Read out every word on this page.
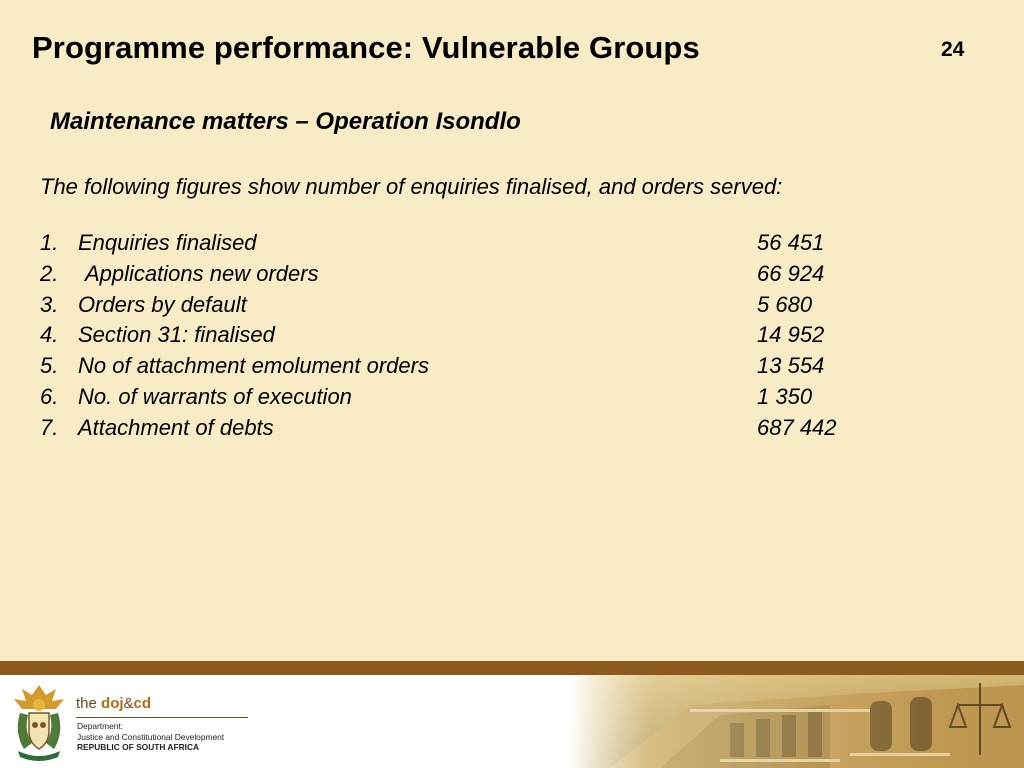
Programme performance: Vulnerable Groups	24
Maintenance matters – Operation Isondlo
The following figures show number of enquiries finalised, and orders served:
1. Enquiries finalised	56 451
2. Applications new orders	66 924
3. Orders by default	5 680
4. Section 31: finalised	14 952
5. No of attachment emolument orders	13 554
6. No. of warrants of execution	1 350
7. Attachment of debts	687 442
the doj&cd
Department:
Justice and Constitutional Development
REPUBLIC OF SOUTH AFRICA
